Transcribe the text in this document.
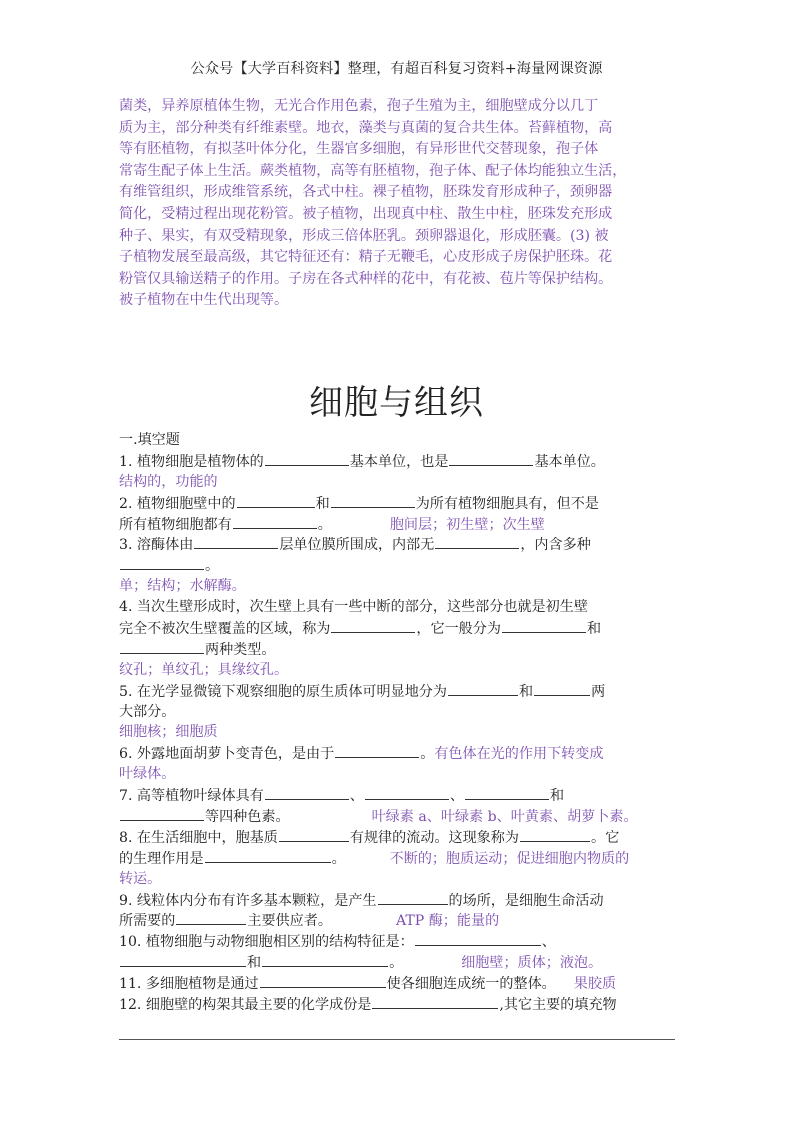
公众号【大学百科资料】整理，有超百科复习资料+海量网课资源
菌类，异养原植体生物，无光合作用色素，孢子生殖为主，细胞壁成分以几丁
质为主，部分种类有纤维素壁。地衣，藻类与真菌的复合共生体。苔藓植物，高
等有胚植物，有拟茎叶体分化，生器官多细胞，有异形世代交替现象，孢子体
常寄生配子体上生活。蕨类植物，高等有胚植物，孢子体、配子体均能独立生活，
有维管组织，形成维管系统，各式中柱。裸子植物，胚珠发育形成种子，颈卵器
简化，受精过程出现花粉管。被子植物，出现真中柱、散生中柱，胚珠发充形成
种子、果实，有双受精现象，形成三倍体胚乳。颈卵器退化，形成胚囊。(3) 被
子植物发展至最高级，其它特征还有：精子无鞭毛，心皮形成子房保护胚珠。花
粉管仅具输送精子的作用。子房在各式种样的花中，有花被、苞片等保护结构。
被子植物在中生代出现等。
细胞与组织
一.填空题
1. 植物细胞是植物体的	基本单位，也是	基本单位。
结构的，功能的
2. 植物细胞壁中的	和	为所有植物细胞具有，但不是
所有植物细胞都有	。	胞间层；初生壁；次生壁
3. 溶酶体由	层单位膜所围成，内部无	，内含多种
。
单；结构；水解酶。
4. 当次生壁形成时，次生壁上具有一些中断的部分，这些部分也就是初生壁
完全不被次生壁覆盖的区域，称为	，它一般分为	和
两种类型。
纹孔；单纹孔；具缘纹孔。
5. 在光学显微镜下观察细胞的原生质体可明显地分为	和	两
大部分。
细胞核；细胞质
6. 外露地面胡萝卜变青色，是由于	。有色体在光的作用下转变成
叶绿体。
7. 高等植物叶绿体具有	、	、	和
等四种色素。	叶绿素 a、叶绿素 b、叶黄素、胡萝卜素。
8. 在生活细胞中，胞基质	有规律的流动。这现象称为	。它
的生理作用是	。	不断的；胞质运动；促进细胞内物质的
转运。
9. 线粒体内分布有许多基本颗粒，是产生	的场所，是细胞生命活动
所需要的	主要供应者。	ATP 酶；能量的
10. 植物细胞与动物细胞相区别的结构特征是：	、
和	。	细胞壁；质体；液泡。
11. 多细胞植物是通过	使各细胞连成统一的整体。 果胶质
12. 细胞壁的构架其最主要的化学成份是	,其它主要的填充物
